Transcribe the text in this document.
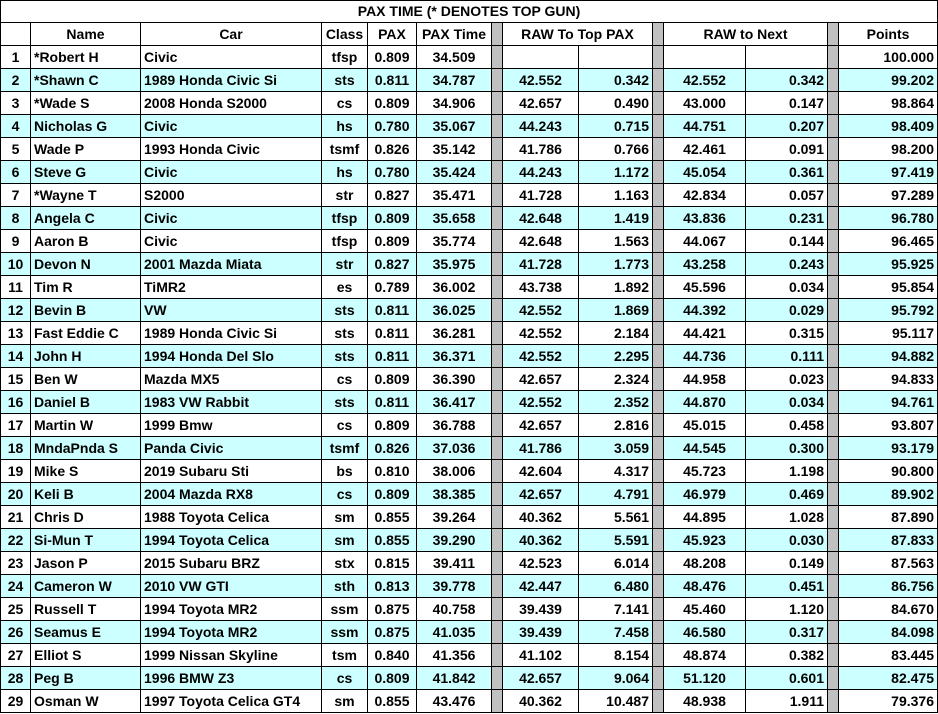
PAX TIME (* DENOTES TOP GUN)													
	Name	Car	Class	PAX	PAX Time		RAW To Top PAX			RAW to Next			Points
1	*Robert H	Civic	tfsp	0.809	34.509								100.000
2	*Shawn C	1989 Honda Civic Si	sts	0.811	34.787		42.552	0.342		42.552	0.342		99.202
3	*Wade S	2008 Honda S2000	cs	0.809	34.906		42.657	0.490		43.000	0.147		98.864
4	Nicholas G	Civic	hs	0.780	35.067		44.243	0.715		44.751	0.207		98.409
5	Wade P	1993 Honda Civic	tsmf	0.826	35.142		41.786	0.766		42.461	0.091		98.200
6	Steve G	Civic	hs	0.780	35.424		44.243	1.172		45.054	0.361		97.419
7	*Wayne T	S2000	str	0.827	35.471		41.728	1.163		42.834	0.057		97.289
8	Angela C	Civic	tfsp	0.809	35.658		42.648	1.419		43.836	0.231		96.780
9	Aaron B	Civic	tfsp	0.809	35.774		42.648	1.563		44.067	0.144		96.465
10	Devon N	2001 Mazda Miata	str	0.827	35.975		41.728	1.773		43.258	0.243		95.925
11	Tim R	TiMR2	es	0.789	36.002		43.738	1.892		45.596	0.034		95.854
12	Bevin B	VW	sts	0.811	36.025		42.552	1.869		44.392	0.029		95.792
13	Fast Eddie C	1989 Honda Civic Si	sts	0.811	36.281		42.552	2.184		44.421	0.315		95.117
14	John H	1994 Honda Del Slo	sts	0.811	36.371		42.552	2.295		44.736	0.111		94.882
15	Ben W	Mazda MX5	cs	0.809	36.390		42.657	2.324		44.958	0.023		94.833
16	Daniel B	1983 VW Rabbit	sts	0.811	36.417		42.552	2.352		44.870	0.034		94.761
17	Martin W	1999 Bmw	cs	0.809	36.788		42.657	2.816		45.015	0.458		93.807
18	MndaPnda S	Panda Civic	tsmf	0.826	37.036		41.786	3.059		44.545	0.300		93.179
19	Mike S	2019 Subaru Sti	bs	0.810	38.006		42.604	4.317		45.723	1.198		90.800
20	Keli B	2004 Mazda RX8	cs	0.809	38.385		42.657	4.791		46.979	0.469		89.902
21	Chris D	1988 Toyota Celica	sm	0.855	39.264		40.362	5.561		44.895	1.028		87.890
22	Si-Mun T	1994 Toyota Celica	sm	0.855	39.290		40.362	5.591		45.923	0.030		87.833
23	Jason P	2015 Subaru BRZ	stx	0.815	39.411		42.523	6.014		48.208	0.149		87.563
24	Cameron W	2010 VW GTI	sth	0.813	39.778		42.447	6.480		48.476	0.451		86.756
25	Russell T	1994 Toyota MR2	ssm	0.875	40.758		39.439	7.141		45.460	1.120		84.670
26	Seamus E	1994 Toyota MR2	ssm	0.875	41.035		39.439	7.458		46.580	0.317		84.098
27	Elliot S	1999 Nissan Skyline	tsm	0.840	41.356		41.102	8.154		48.874	0.382		83.445
28	Peg B	1996 BMW Z3	cs	0.809	41.842		42.657	9.064		51.120	0.601		82.475
29	Osman W	1997 Toyota Celica GT4	sm	0.855	43.476		40.362	10.487		48.938	1.911		79.376
